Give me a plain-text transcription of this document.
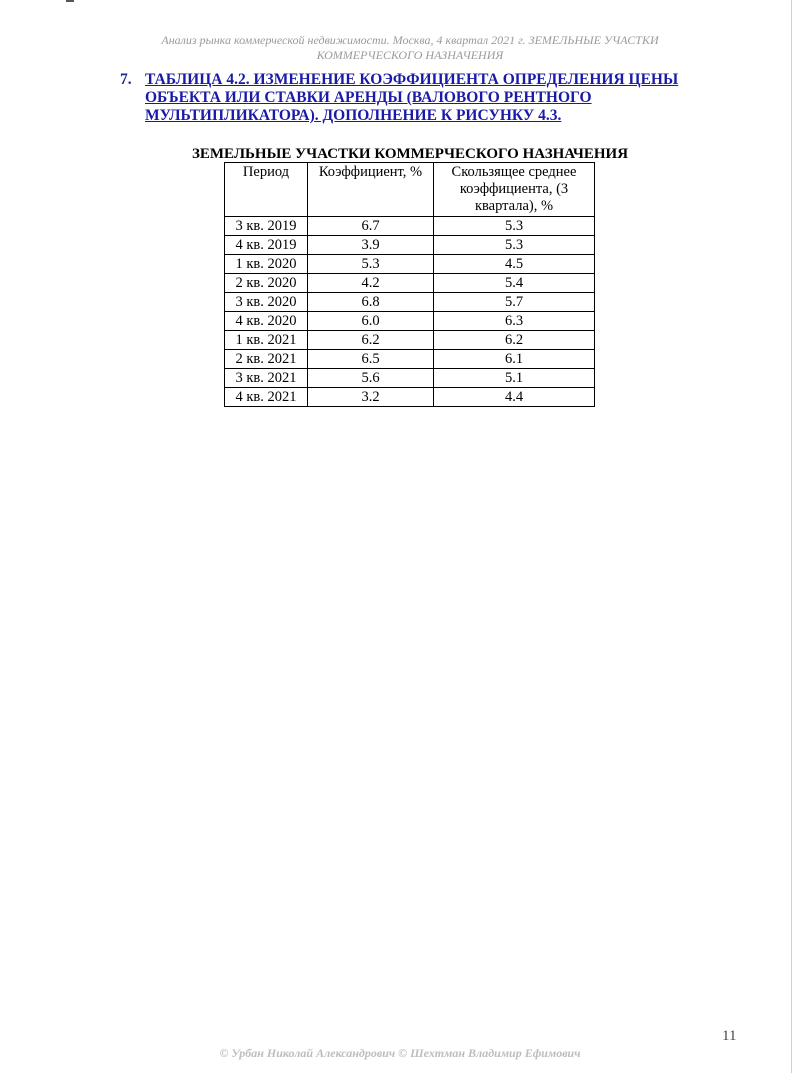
Анализ рынка коммерческой недвижимости. Москва, 4 квартал 2021 г. ЗЕМЕЛЬНЫЕ УЧАСТКИ
КОММЕРЧЕСКОГО НАЗНАЧЕНИЯ
7. ТАБЛИЦА 4.2. ИЗМЕНЕНИЕ КОЭФФИЦИЕНТА ОПРЕДЕЛЕНИЯ ЦЕНЫ ОБЪЕКТА ИЛИ СТАВКИ АРЕНДЫ (ВАЛОВОГО РЕНТНОГО МУЛЬТИПЛИКАТОРА). ДОПОЛНЕНИЕ К РИСУНКУ 4.3.
ЗЕМЕЛЬНЫЕ УЧАСТКИ КОММЕРЧЕСКОГО НАЗНАЧЕНИЯ
Период	Коэффициент, %	Скользящее среднее коэффициента, (3 квартала), %
3 кв. 2019	6.7	5.3
4 кв. 2019	3.9	5.3
1 кв. 2020	5.3	4.5
2 кв. 2020	4.2	5.4
3 кв. 2020	6.8	5.7
4 кв. 2020	6.0	6.3
1 кв. 2021	6.2	6.2
2 кв. 2021	6.5	6.1
3 кв. 2021	5.6	5.1
4 кв. 2021	3.2	4.4
11
© Урбан Николай Александрович © Шехтман Владимир Ефимович
